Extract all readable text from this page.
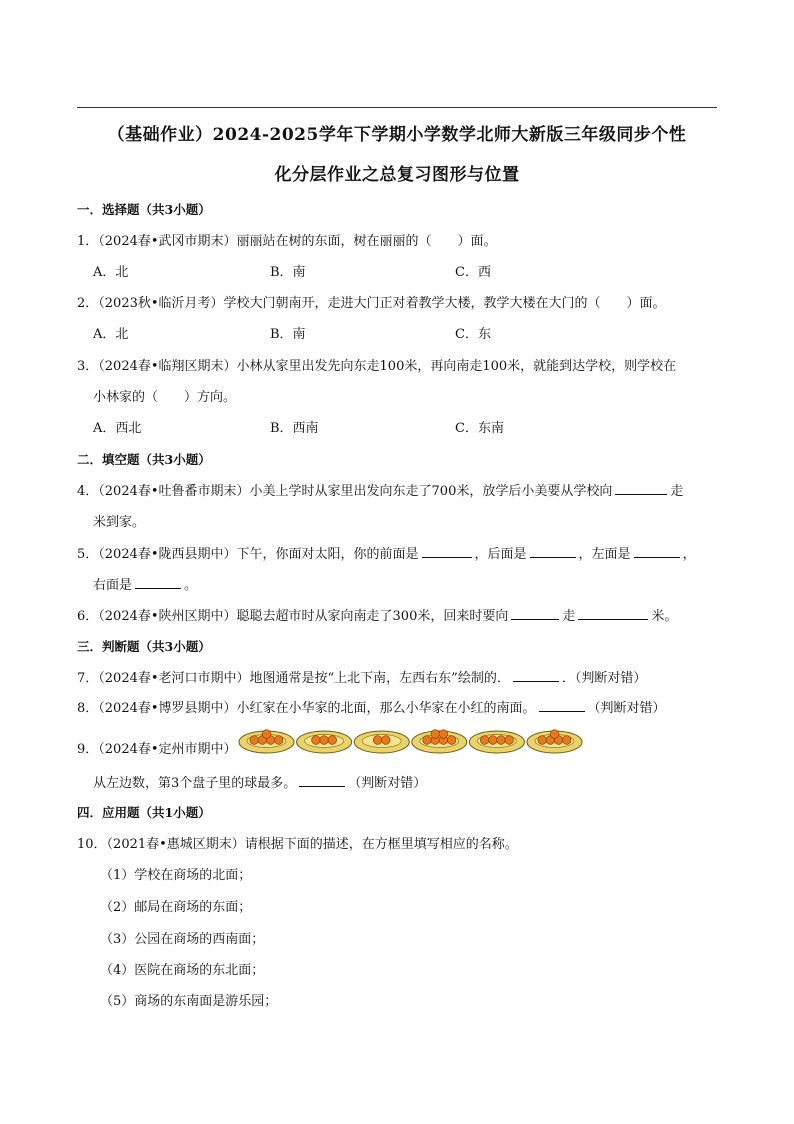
（基础作业）2024-2025学年下学期小学数学北师大新版三年级同步个性
化分层作业之总复习图形与位置
一．选择题（共3小题）
1．（2024春•武冈市期末）丽丽站在树的东面，树在丽丽的（　　）面。
A．北	B．南	C．西
2．（2023秋•临沂月考）学校大门朝南开，走进大门正对着教学大楼，教学大楼在大门的（　　）面。
A．北	B．南	C．东
3．（2024春•临翔区期末）小林从家里出发先向东走100米，再向南走100米，就能到达学校，则学校在
小林家的（　　）方向。
A．西北	B．西南	C．东南
二．填空题（共3小题）
4．（2024春•吐鲁番市期末）小美上学时从家里出发向东走了700米，放学后小美要从学校向	走
米到家。
5．（2024春•陇西县期中）下午，你面对太阳，你的前面是	，后面是	，左面是	，
右面是	。
6．（2024春•陕州区期中）聪聪去超市时从家向南走了300米，回来时要向	走	米。
三．判断题（共3小题）
7．（2024春•老河口市期中）地图通常是按“上北下南，左西右东”绘制的．	．（判断对错）
8．（2024春•博罗县期中）小红家在小华家的北面，那么小华家在小红的南面。	（判断对错）
9．（2024春•定州市期中）
从左边数，第3个盘子里的球最多。	（判断对错）
四．应用题（共1小题）
10．（2021春•惠城区期末）请根据下面的描述，在方框里填写相应的名称。
（1）学校在商场的北面；
（2）邮局在商场的东面；
（3）公园在商场的西南面；
（4）医院在商场的东北面；
（5）商场的东南面是游乐园；
